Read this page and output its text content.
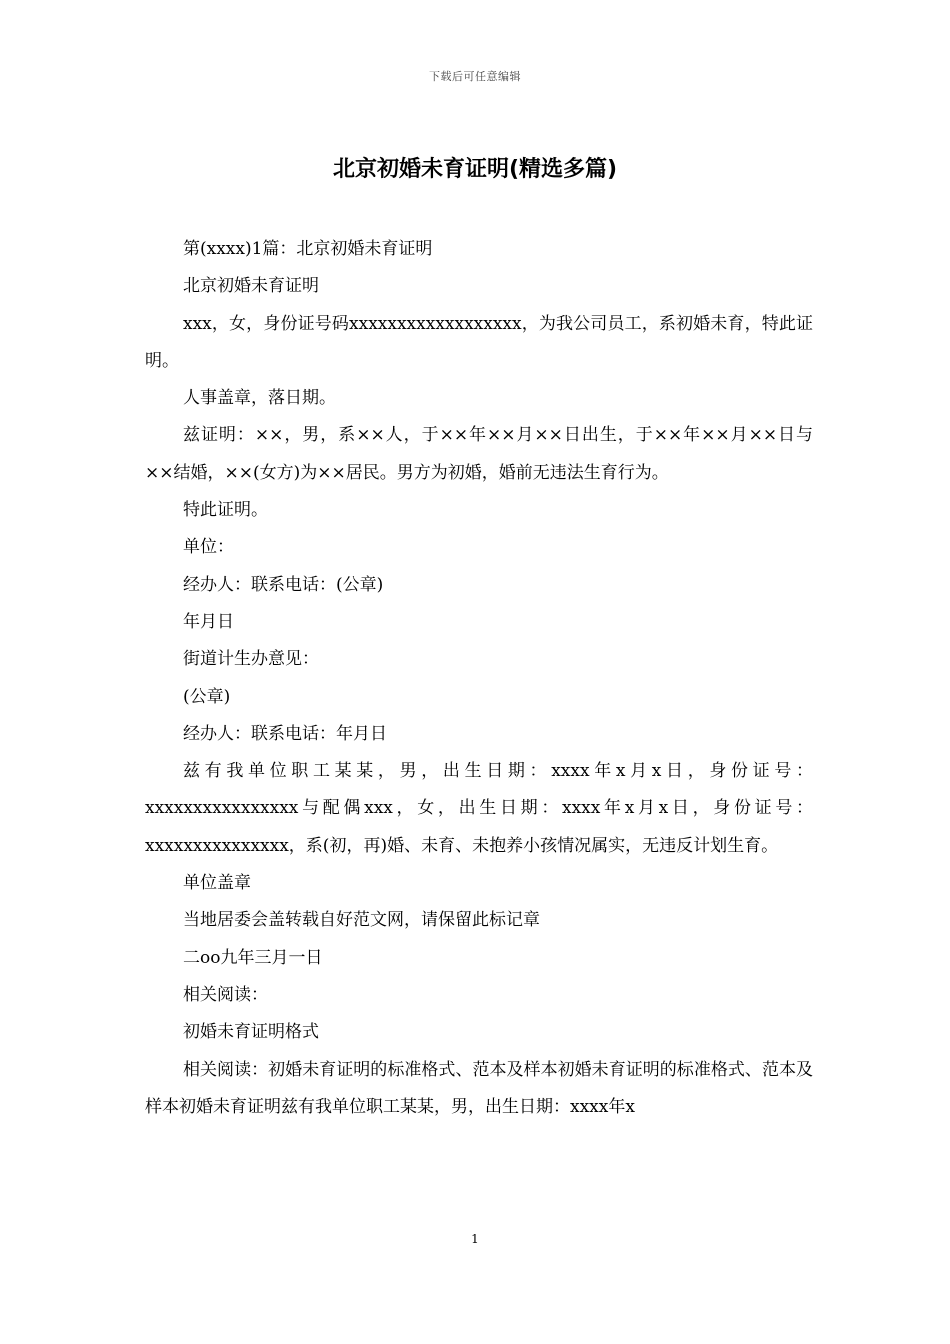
下载后可任意编辑
北京初婚未育证明(精选多篇)

第(xxxx)1篇：北京初婚未育证明

北京初婚未育证明

xxx，女，身份证号码xxxxxxxxxxxxxxxxxx，为我公司员工，系初婚未育，特此证明。

人事盖章，落日期。

兹证明：××，男，系××人，于××年××月××日出生，于××年××月××日与××结婚，××(女方)为××居民。男方为初婚，婚前无违法生育行为。

特此证明。

单位：

经办人：联系电话：(公章)

年月日

街道计生办意见：

(公章)

经办人：联系电话：年月日

兹有我单位职工某某，男，出生日期：xxxx年x月x日，身份证号：xxxxxxxxxxxxxxxx与配偶xxx，女，出生日期：xxxx年x月x日，身份证号：xxxxxxxxxxxxxxx，系(初，再)婚、未育、未抱养小孩情况属实，无违反计划生育。

单位盖章

当地居委会盖转载自好范文网，请保留此标记章

二oo九年三月一日

相关阅读：

初婚未育证明格式

相关阅读：初婚未育证明的标准格式、范本及样本初婚未育证明的标准格式、范本及样本初婚未育证明兹有我单位职工某某，男，出生日期：xxxx年x

1
